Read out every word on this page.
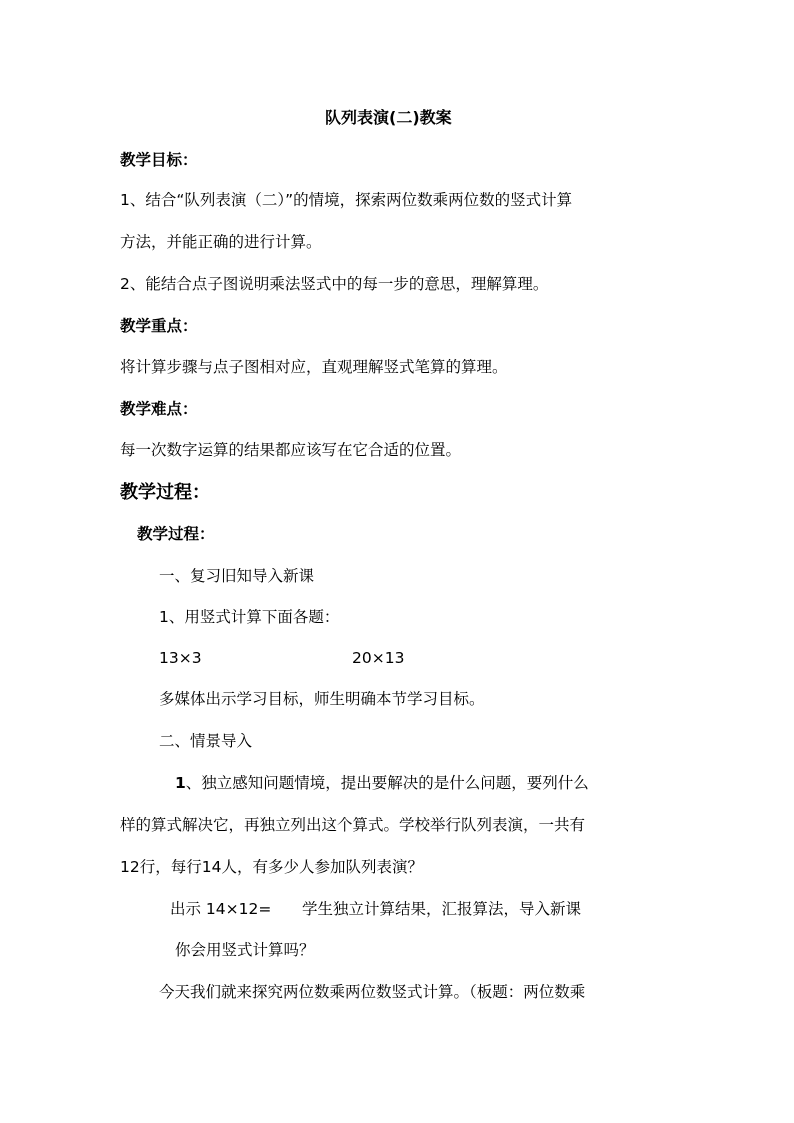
队列表演(二)教案
教学目标：
1、结合“队列表演（二）”的情境，探索两位数乘两位数的竖式计算
方法，并能正确的进行计算。
2、能结合点子图说明乘法竖式中的每一步的意思，理解算理。
教学重点：
将计算步骤与点子图相对应，直观理解竖式笔算的算理。
教学难点：
每一次数字运算的结果都应该写在它合适的位置。
教学过程：
教学过程：
一、复习旧知导入新课
1、用竖式计算下面各题：
13×3	20×13
多媒体出示学习目标，师生明确本节学习目标。
二、情景导入
1、独立感知问题情境，提出要解决的是什么问题，要列什么
样的算式解决它，再独立列出这个算式。学校举行队列表演，一共有
12行，每行14人，有多少人参加队列表演？
出示 14×12= 学生独立计算结果，汇报算法，导入新课
你会用竖式计算吗？
今天我们就来探究两位数乘两位数竖式计算。（板题：两位数乘
